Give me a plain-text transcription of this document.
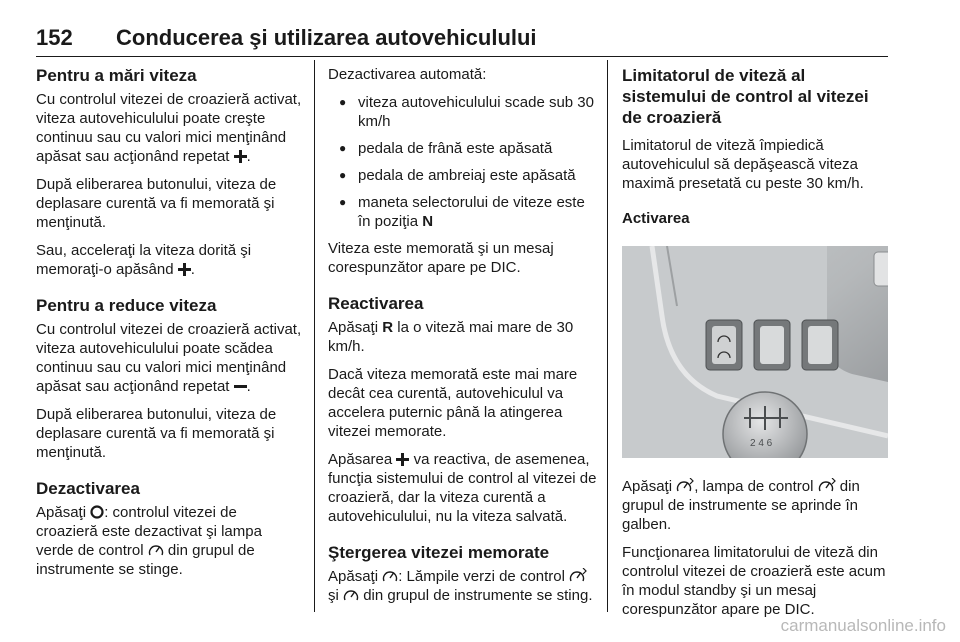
152 Conducerea şi utilizarea autovehiculului
Pentru a mări viteza

Cu controlul vitezei de croazieră activat, viteza autovehiculului poate creşte continuu sau cu valori mici menţinând apăsat sau acţionând repetat .

După eliberarea butonului, viteza de deplasare curentă va fi memorată şi menţinută.

Sau, acceleraţi la viteza dorită şi memoraţi-o apăsând .

Pentru a reduce viteza

Cu controlul vitezei de croazieră activat, viteza autovehiculului poate scădea continuu sau cu valori mici menţinând apăsat sau acţionând repetat .

După eliberarea butonului, viteza de deplasare curentă va fi memorată şi menţinută.

Dezactivarea

Apăsaţi : controlul vitezei de croazieră este dezactivat şi lampa verde de control din grupul de instrumente se stinge.

Dezactivarea automată:

● viteza autovehiculului scade sub 30 km/h
● pedala de frână este apăsată
● pedala de ambreiaj este apăsată
● maneta selectorului de viteze este în poziţia N

Viteza este memorată şi un mesaj corespunzător apare pe DIC.

Reactivarea

Apăsaţi R la o viteză mai mare de 30 km/h.

Dacă viteza memorată este mai mare decât cea curentă, autovehiculul va accelera puternic până la atingerea vitezei memorate.

Apăsarea va reactiva, de asemenea, funcţia sistemului de control al vitezei de croazieră, dar la viteza curentă a autovehiculului, nu la viteza salvată.

Ştergerea vitezei memorate

Apăsaţi : Lămpile verzi de control  şi din grupul de instrumente se sting.

Limitatorul de viteză al sistemului de control al vitezei de croazieră

Limitatorul de viteză împiedică autovehiculul să depăşească viteza maximă presetată cu peste 30 km/h.

Activarea
2 4 6

Apăsaţi , lampa de control din grupul de instrumente se aprinde în galben.

Funcţionarea limitatorului de viteză din controlul vitezei de croazieră este acum în modul standby şi un mesaj corespunzător apare pe DIC.

carmanualsonline.info
